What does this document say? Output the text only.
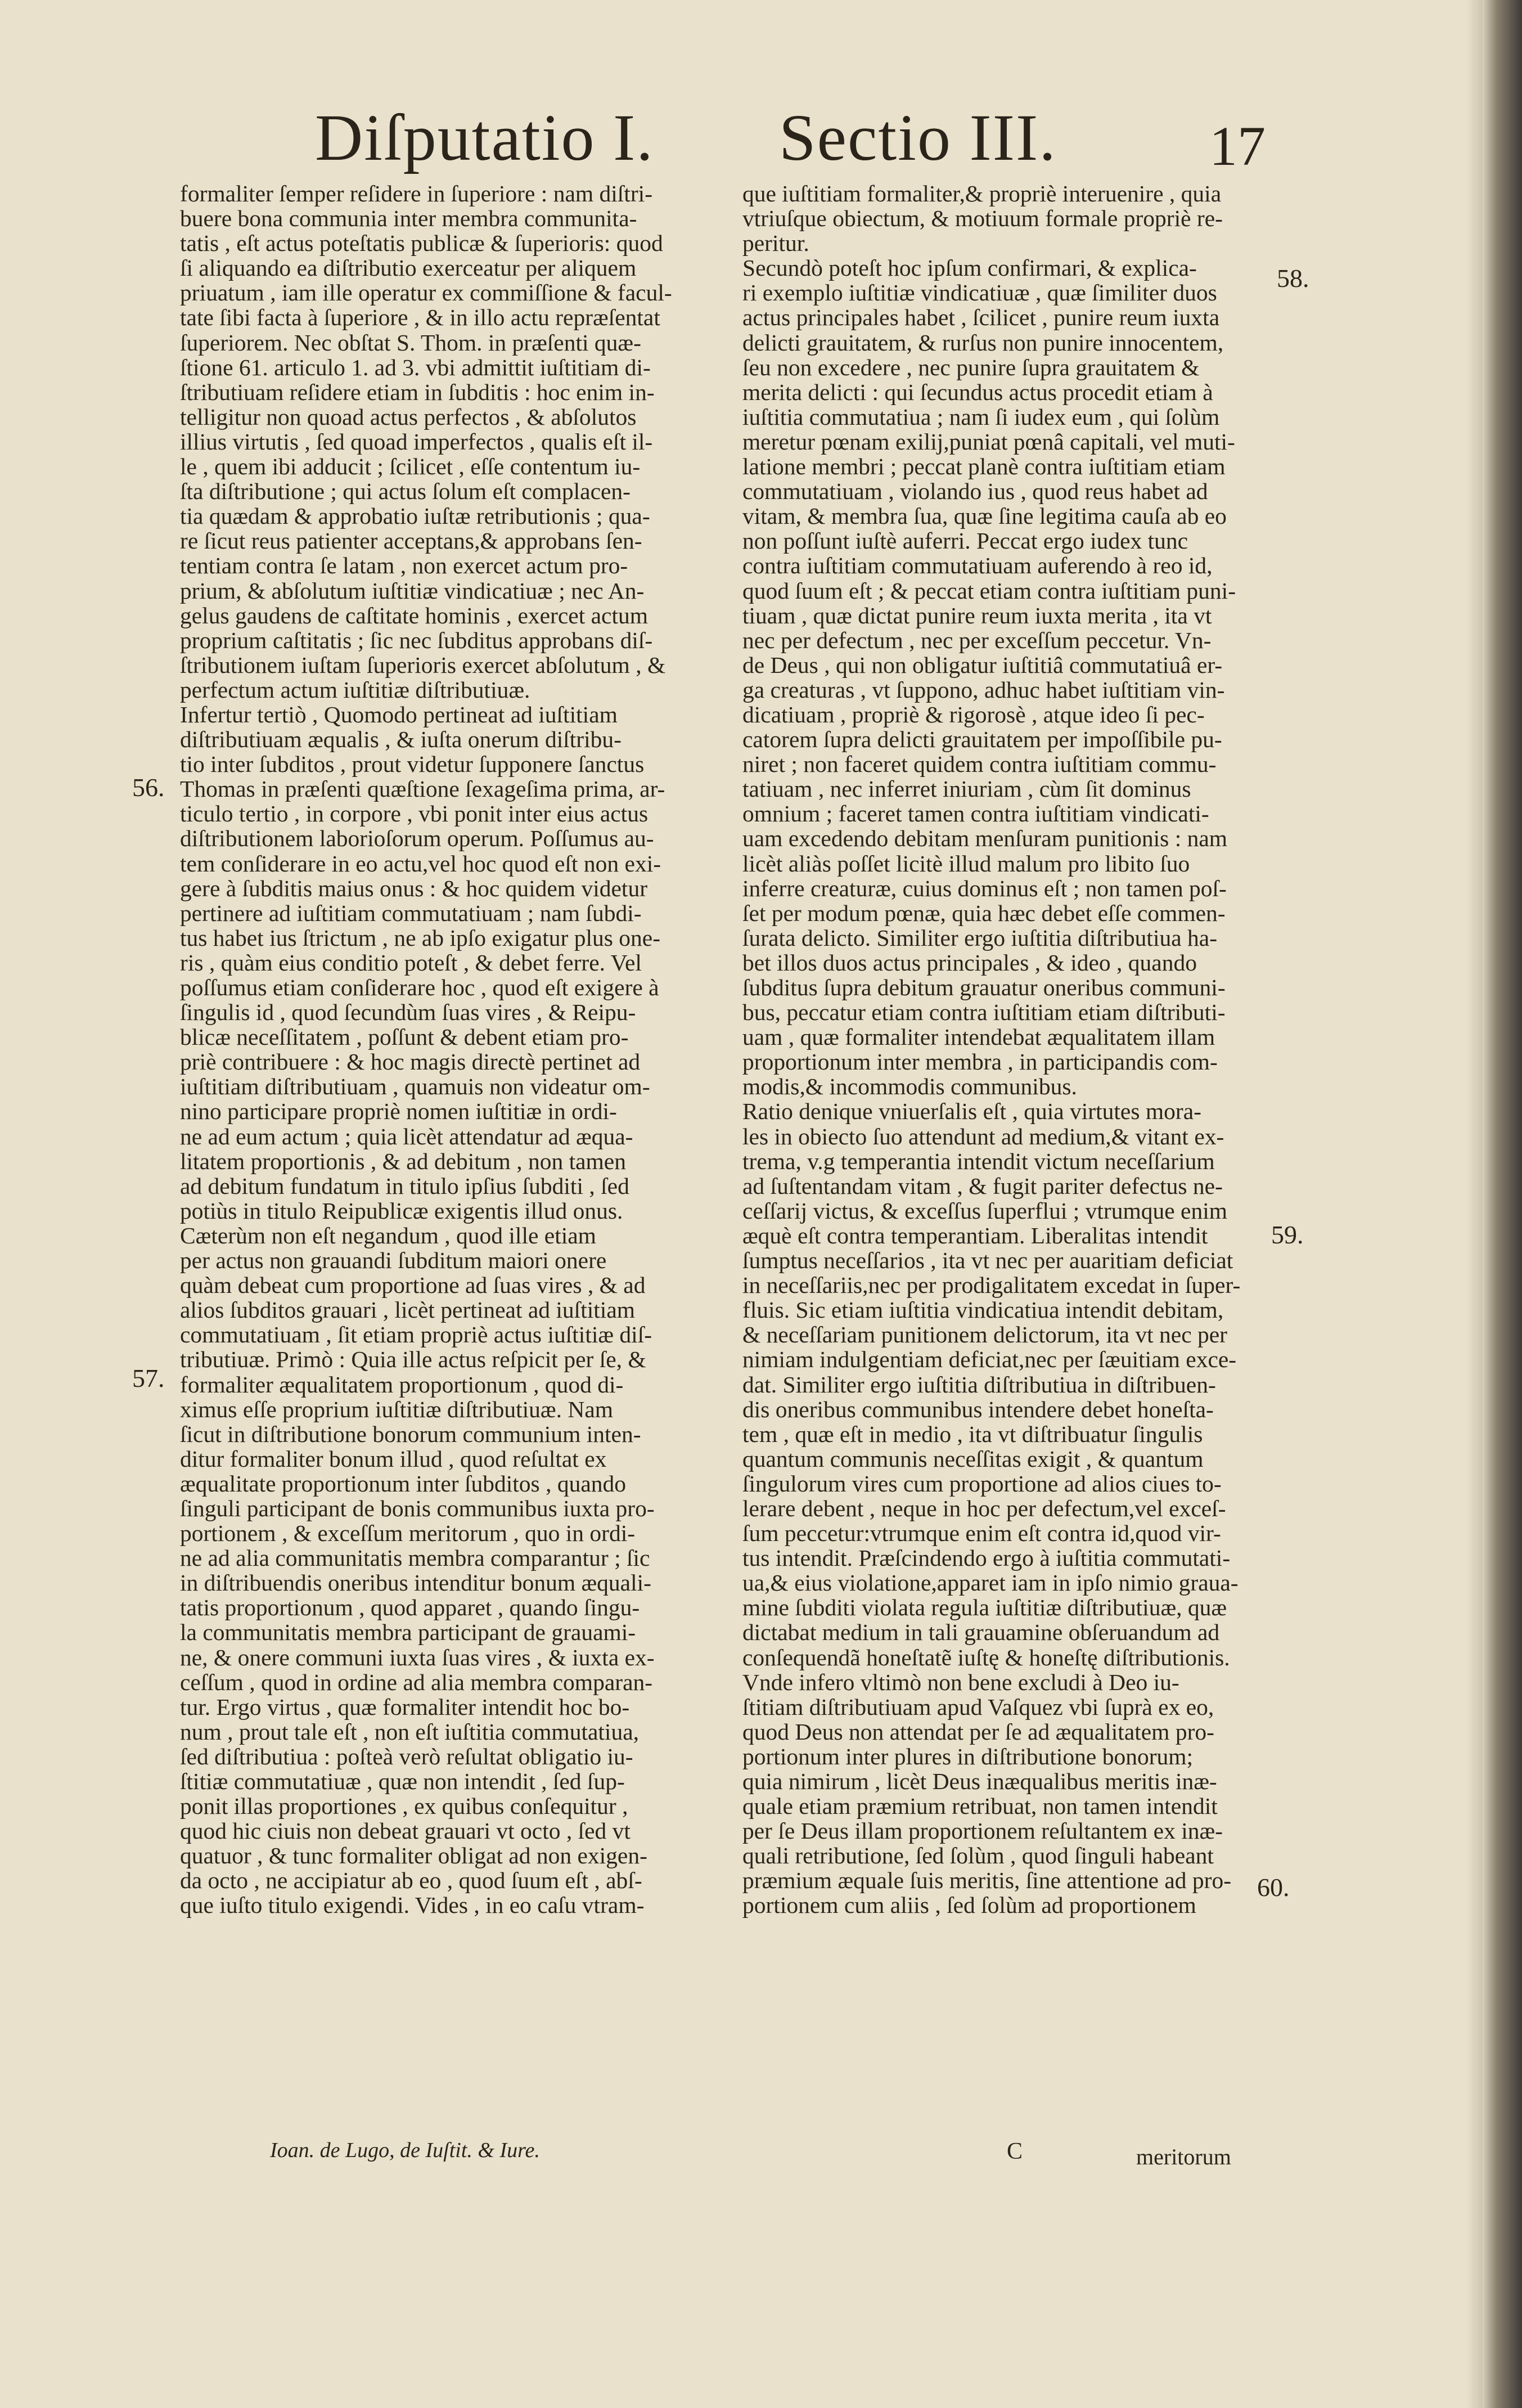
Diſputatio I. Sectio III.	17
formaliter ſemper reſidere in ſuperiore : nam diſtri-
buere bona communia inter membra communita-
tatis , eſt actus poteſtatis publicæ & ſuperioris: quod
ſi aliquando ea diſtributio exerceatur per aliquem
priuatum , iam ille operatur ex commiſſione & facul-
tate ſibi facta à ſuperiore , & in illo actu repræſentat
ſuperiorem. Nec obſtat S. Thom. in præſenti quæ-
ſtione 61. articulo 1. ad 3. vbi admittit iuſtitiam di-
ſtributiuam reſidere etiam in ſubditis : hoc enim in-
telligitur non quoad actus perfectos , & abſolutos
illius virtutis , ſed quoad imperfectos , qualis eſt il-
le , quem ibi adducit ; ſcilicet , eſſe contentum iu-
ſta diſtributione ; qui actus ſolum eſt complacen-
tia quædam & approbatio iuſtæ retributionis ; qua-
re ſicut reus patienter acceptans,& approbans ſen-
tentiam contra ſe latam , non exercet actum pro-
prium, & abſolutum iuſtitiæ vindicatiuæ ; nec An-
gelus gaudens de caſtitate hominis , exercet actum
proprium caſtitatis ; ſic nec ſubditus approbans diſ-
ſtributionem iuſtam ſuperioris exercet abſolutum , &
perfectum actum iuſtitiæ diſtributiuæ.
Infertur tertiò , Quomodo pertineat ad iuſtitiam
diſtributiuam æqualis , & iuſta onerum diſtribu-
tio inter ſubditos , prout videtur ſupponere ſanctus
Thomas in præſenti quæſtione ſexageſima prima, ar-
ticulo tertio , in corpore , vbi ponit inter eius actus
diſtributionem laborioſorum operum. Poſſumus au-
tem conſiderare in eo actu,vel hoc quod eſt non exi-
gere à ſubditis maius onus : & hoc quidem videtur
pertinere ad iuſtitiam commutatiuam ; nam ſubdi-
tus habet ius ſtrictum , ne ab ipſo exigatur plus one-
ris , quàm eius conditio poteſt , & debet ferre. Vel
poſſumus etiam conſiderare hoc , quod eſt exigere à
ſingulis id , quod ſecundùm ſuas vires , & Reipu-
blicæ neceſſitatem , poſſunt & debent etiam pro-
priè contribuere : & hoc magis directè pertinet ad
iuſtitiam diſtributiuam , quamuis non videatur om-
nino participare propriè nomen iuſtitiæ in ordi-
ne ad eum actum ; quia licèt attendatur ad æqua-
litatem proportionis , & ad debitum , non tamen
ad debitum fundatum in titulo ipſius ſubditi , ſed
potiùs in titulo Reipublicæ exigentis illud onus.
Cæterùm non eſt negandum , quod ille etiam
per actus non grauandi ſubditum maiori onere
quàm debeat cum proportione ad ſuas vires , & ad
alios ſubditos grauari , licèt pertineat ad iuſtitiam
commutatiuam , ſit etiam propriè actus iuſtitiæ diſ-
tributiuæ. Primò : Quia ille actus reſpicit per ſe, &
formaliter æqualitatem proportionum , quod di-
ximus eſſe proprium iuſtitiæ diſtributiuæ. Nam
ſicut in diſtributione bonorum communium inten-
ditur formaliter bonum illud , quod reſultat ex
æqualitate proportionum inter ſubditos , quando
ſinguli participant de bonis communibus iuxta pro-
portionem , & exceſſum meritorum , quo in ordi-
ne ad alia communitatis membra comparantur ; ſic
in diſtribuendis oneribus intenditur bonum æquali-
tatis proportionum , quod apparet , quando ſingu-
la communitatis membra participant de grauami-
ne, & onere communi iuxta ſuas vires , & iuxta ex-
ceſſum , quod in ordine ad alia membra comparan-
tur. Ergo virtus , quæ formaliter intendit hoc bo-
num , prout tale eſt , non eſt iuſtitia commutatiua,
ſed diſtributiua : poſteà verò reſultat obligatio iu-
ſtitiæ commutatiuæ , quæ non intendit , ſed ſup-
ponit illas proportiones , ex quibus conſequitur ,
quod hic ciuis non debeat grauari vt octo , ſed vt
quatuor , & tunc formaliter obligat ad non exigen-
da octo , ne accipiatur ab eo , quod ſuum eſt , abſ-
que iuſto titulo exigendi. Vides , in eo caſu vtram-
que iuſtitiam formaliter,& propriè interuenire , quia
vtriuſque obiectum, & motiuum formale propriè re-
peritur.
Secundò poteſt hoc ipſum confirmari, & explica-
ri exemplo iuſtitiæ vindicatiuæ , quæ ſimiliter duos
actus principales habet , ſcilicet , punire reum iuxta
delicti grauitatem, & rurſus non punire innocentem,
ſeu non excedere , nec punire ſupra grauitatem &
merita delicti : qui ſecundus actus procedit etiam à
iuſtitia commutatiua ; nam ſi iudex eum , qui ſolùm
meretur pœnam exilij,puniat pœnâ capitali, vel muti-
latione membri ; peccat planè contra iuſtitiam etiam
commutatiuam , violando ius , quod reus habet ad
vitam, & membra ſua, quæ ſine legitima cauſa ab eo
non poſſunt iuſtè auferri. Peccat ergo iudex tunc
contra iuſtitiam commutatiuam auferendo à reo id,
quod ſuum eſt ; & peccat etiam contra iuſtitiam puni-
tiuam , quæ dictat punire reum iuxta merita , ita vt
nec per defectum , nec per exceſſum peccetur. Vn-
de Deus , qui non obligatur iuſtitiâ commutatiuâ er-
ga creaturas , vt ſuppono, adhuc habet iuſtitiam vin-
dicatiuam , propriè & rigorosè , atque ideo ſi pec-
catorem ſupra delicti grauitatem per impoſſibile pu-
niret ; non faceret quidem contra iuſtitiam commu-
tatiuam , nec inferret iniuriam , cùm ſit dominus
omnium ; faceret tamen contra iuſtitiam vindicati-
uam excedendo debitam menſuram punitionis : nam
licèt aliàs poſſet licitè illud malum pro libito ſuo
inferre creaturæ, cuius dominus eſt ; non tamen poſ-
ſet per modum pœnæ, quia hæc debet eſſe commen-
ſurata delicto. Similiter ergo iuſtitia diſtributiua ha-
bet illos duos actus principales , & ideo , quando
ſubditus ſupra debitum grauatur oneribus communi-
bus, peccatur etiam contra iuſtitiam etiam diſtributi-
uam , quæ formaliter intendebat æqualitatem illam
proportionum inter membra , in participandis com-
modis,& incommodis communibus.
Ratio denique vniuerſalis eſt , quia virtutes mora-
les in obiecto ſuo attendunt ad medium,& vitant ex-
trema, v.g temperantia intendit victum neceſſarium
ad ſuſtentandam vitam , & fugit pariter defectus ne-
ceſſarij victus, & exceſſus ſuperflui ; vtrumque enim
æquè eſt contra temperantiam. Liberalitas intendit
ſumptus neceſſarios , ita vt nec per auaritiam deficiat
in neceſſariis,nec per prodigalitatem excedat in ſuper-
fluis. Sic etiam iuſtitia vindicatiua intendit debitam,
& neceſſariam punitionem delictorum, ita vt nec per
nimiam indulgentiam deficiat,nec per ſæuitiam exce-
dat. Similiter ergo iuſtitia diſtributiua in diſtribuen-
dis oneribus communibus intendere debet honeſta-
tem , quæ eſt in medio , ita vt diſtribuatur ſingulis
quantum communis neceſſitas exigit , & quantum
ſingulorum vires cum proportione ad alios ciues to-
lerare debent , neque in hoc per defectum,vel exceſ-
ſum peccetur:vtrumque enim eſt contra id,quod vir-
tus intendit. Præſcindendo ergo à iuſtitia commutati-
ua,& eius violatione,apparet iam in ipſo nimio graua-
mine ſubditi violata regula iuſtitiæ diſtributiuæ, quæ
dictabat medium in tali grauamine obſeruandum ad
conſequendã honeſtatẽ iuſtę & honeſtę diſtributionis.
Vnde infero vltimò non bene excludi à Deo iu-
ſtitiam diſtributiuam apud Vaſquez vbi ſuprà ex eo,
quod Deus non attendat per ſe ad æqualitatem pro-
portionum inter plures in diſtributione bonorum;
quia nimirum , licèt Deus inæqualibus meritis inæ-
quale etiam præmium retribuat, non tamen intendit
per ſe Deus illam proportionem reſultantem ex inæ-
quali retributione, ſed ſolùm , quod ſinguli habeant
præmium æquale ſuis meritis, ſine attentione ad pro-
portionem cum aliis , ſed ſolùm ad proportionem
56.
57.
58.
59.
60.
Ioan. de Lugo, de Iuſtit. & Iure.	C	meritorum
